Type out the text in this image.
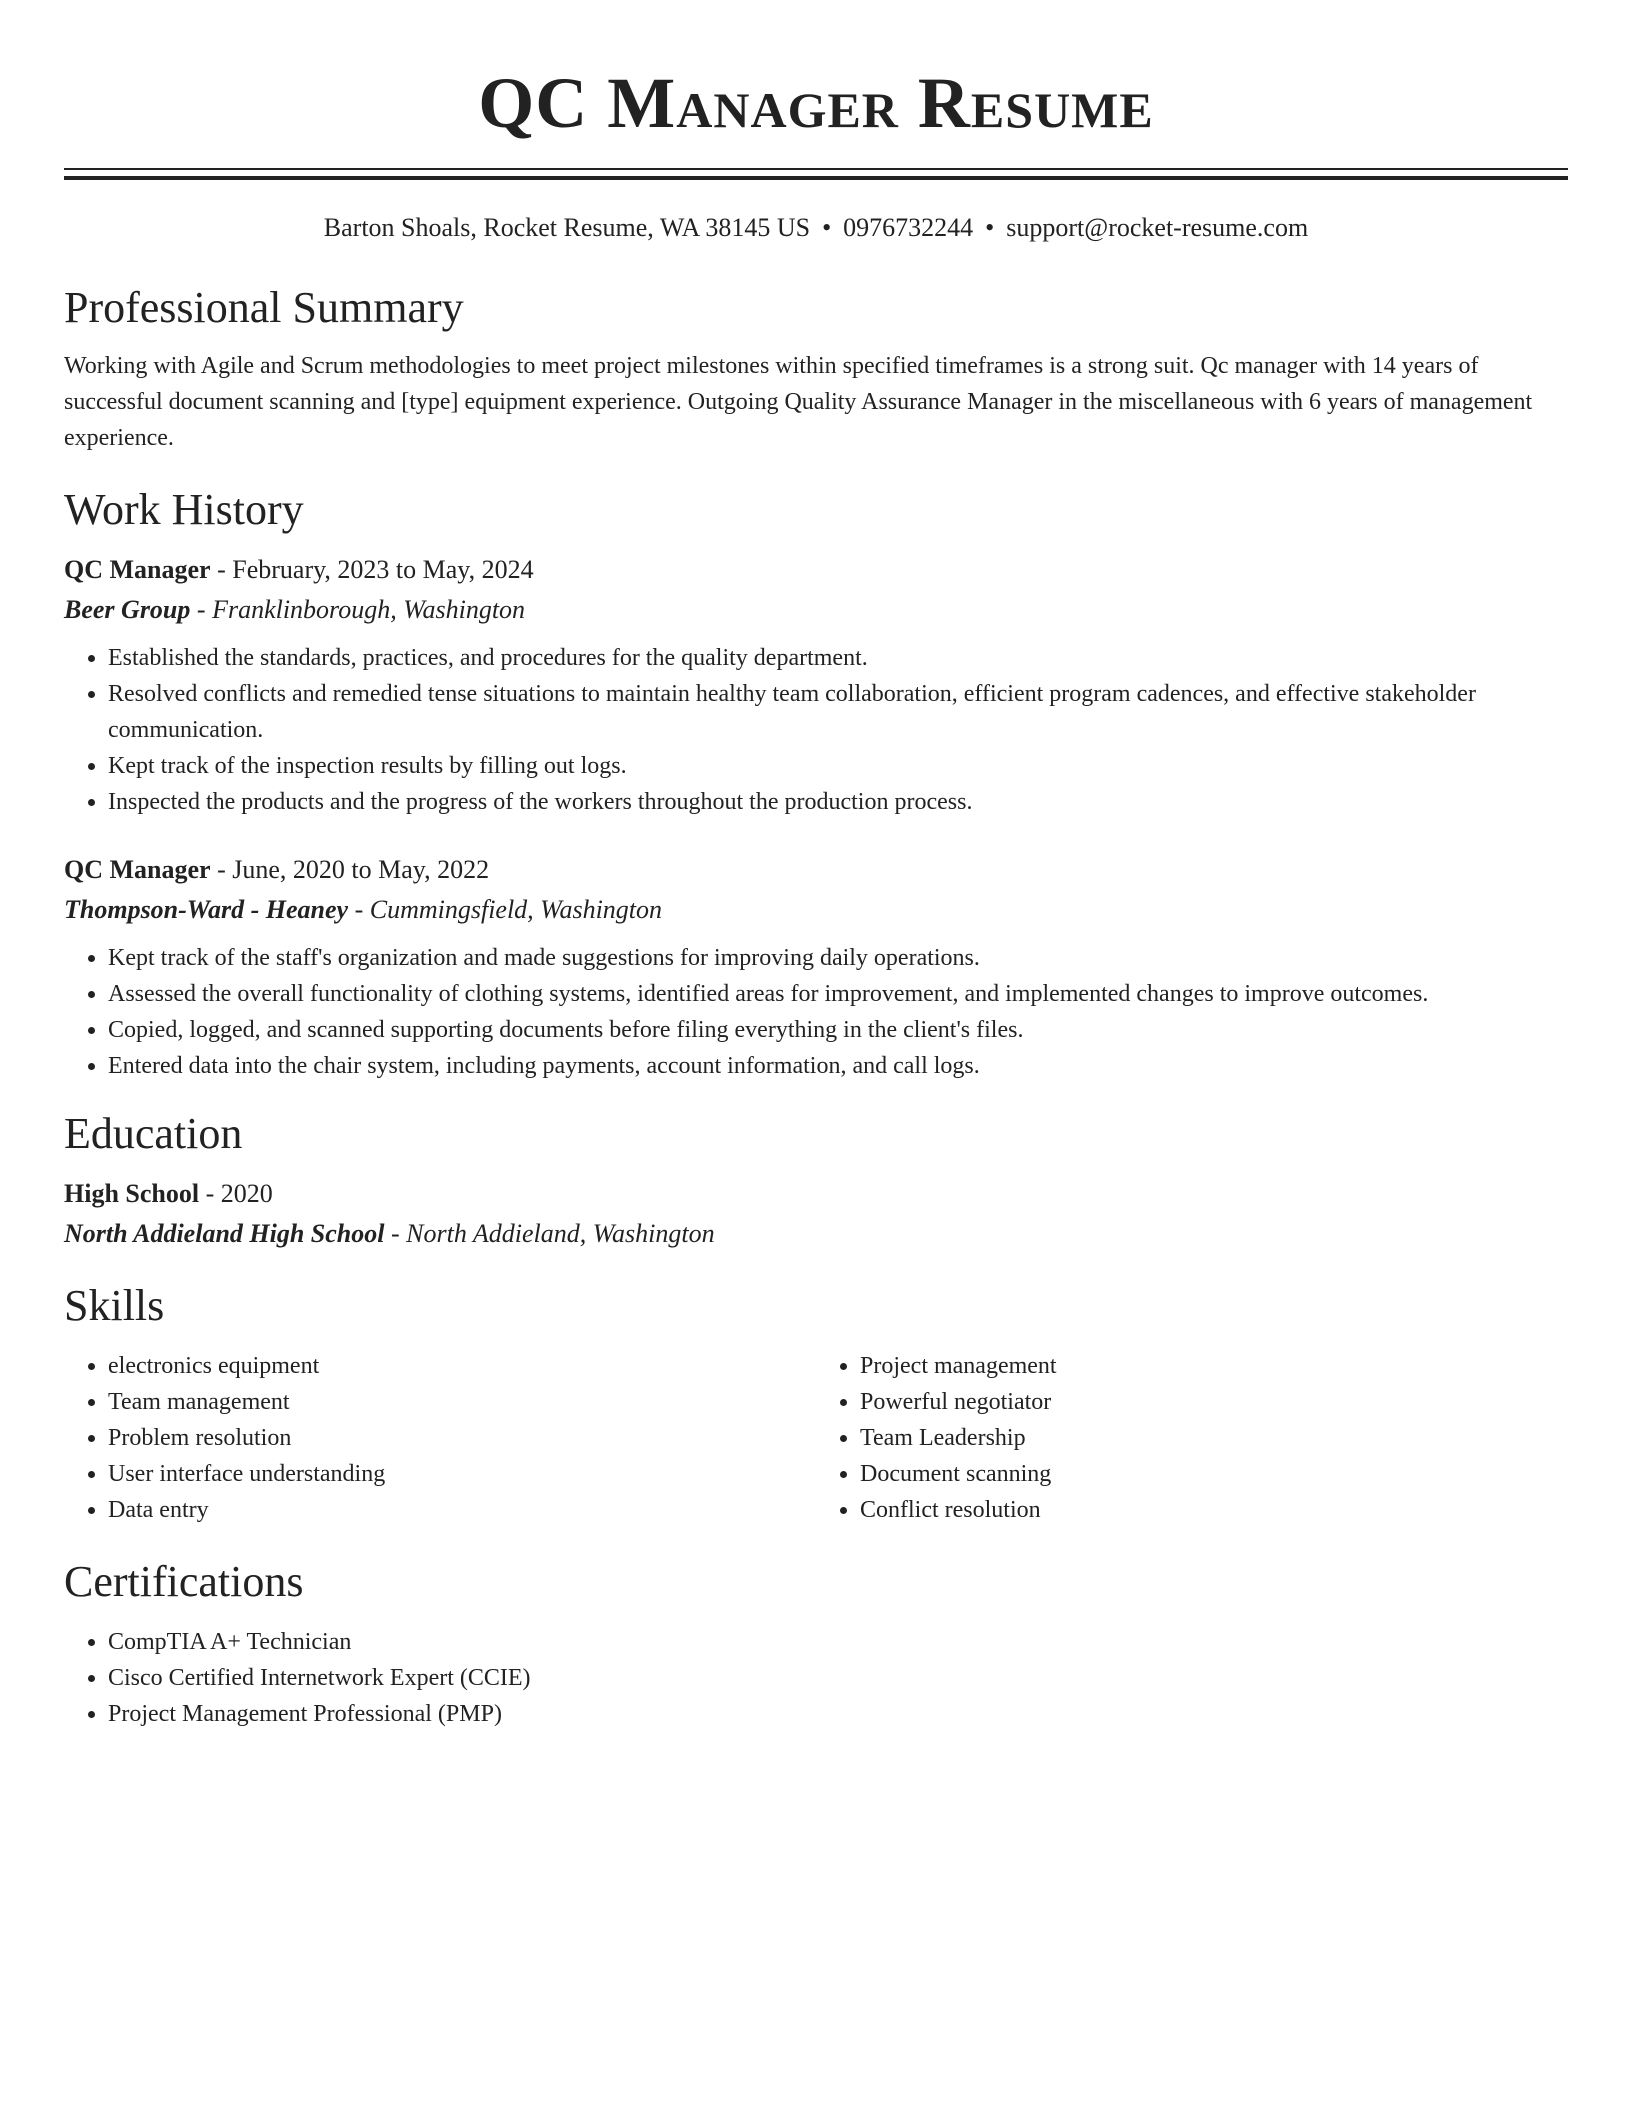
QC Manager Resume
Barton Shoals, Rocket Resume, WA 38145 US • 0976732244 • support@rocket-resume.com
Professional Summary
Working with Agile and Scrum methodologies to meet project milestones within specified timeframes is a strong suit. Qc manager with 14 years of successful document scanning and [type] equipment experience. Outgoing Quality Assurance Manager in the miscellaneous with 6 years of management experience.
Work History
QC Manager - February, 2023 to May, 2024
Beer Group - Franklinborough, Washington
• Established the standards, practices, and procedures for the quality department.
• Resolved conflicts and remedied tense situations to maintain healthy team collaboration, efficient program cadences, and effective stakeholder communication.
• Kept track of the inspection results by filling out logs.
• Inspected the products and the progress of the workers throughout the production process.
QC Manager - June, 2020 to May, 2022
Thompson-Ward - Heaney - Cummingsfield, Washington
• Kept track of the staff's organization and made suggestions for improving daily operations.
• Assessed the overall functionality of clothing systems, identified areas for improvement, and implemented changes to improve outcomes.
• Copied, logged, and scanned supporting documents before filing everything in the client's files.
• Entered data into the chair system, including payments, account information, and call logs.
Education
High School - 2020
North Addieland High School - North Addieland, Washington
Skills
• electronics equipment
• Team management
• Problem resolution
• User interface understanding
• Data entry
• Project management
• Powerful negotiator
• Team Leadership
• Document scanning
• Conflict resolution
Certifications
• CompTIA A+ Technician
• Cisco Certified Internetwork Expert (CCIE)
• Project Management Professional (PMP)
